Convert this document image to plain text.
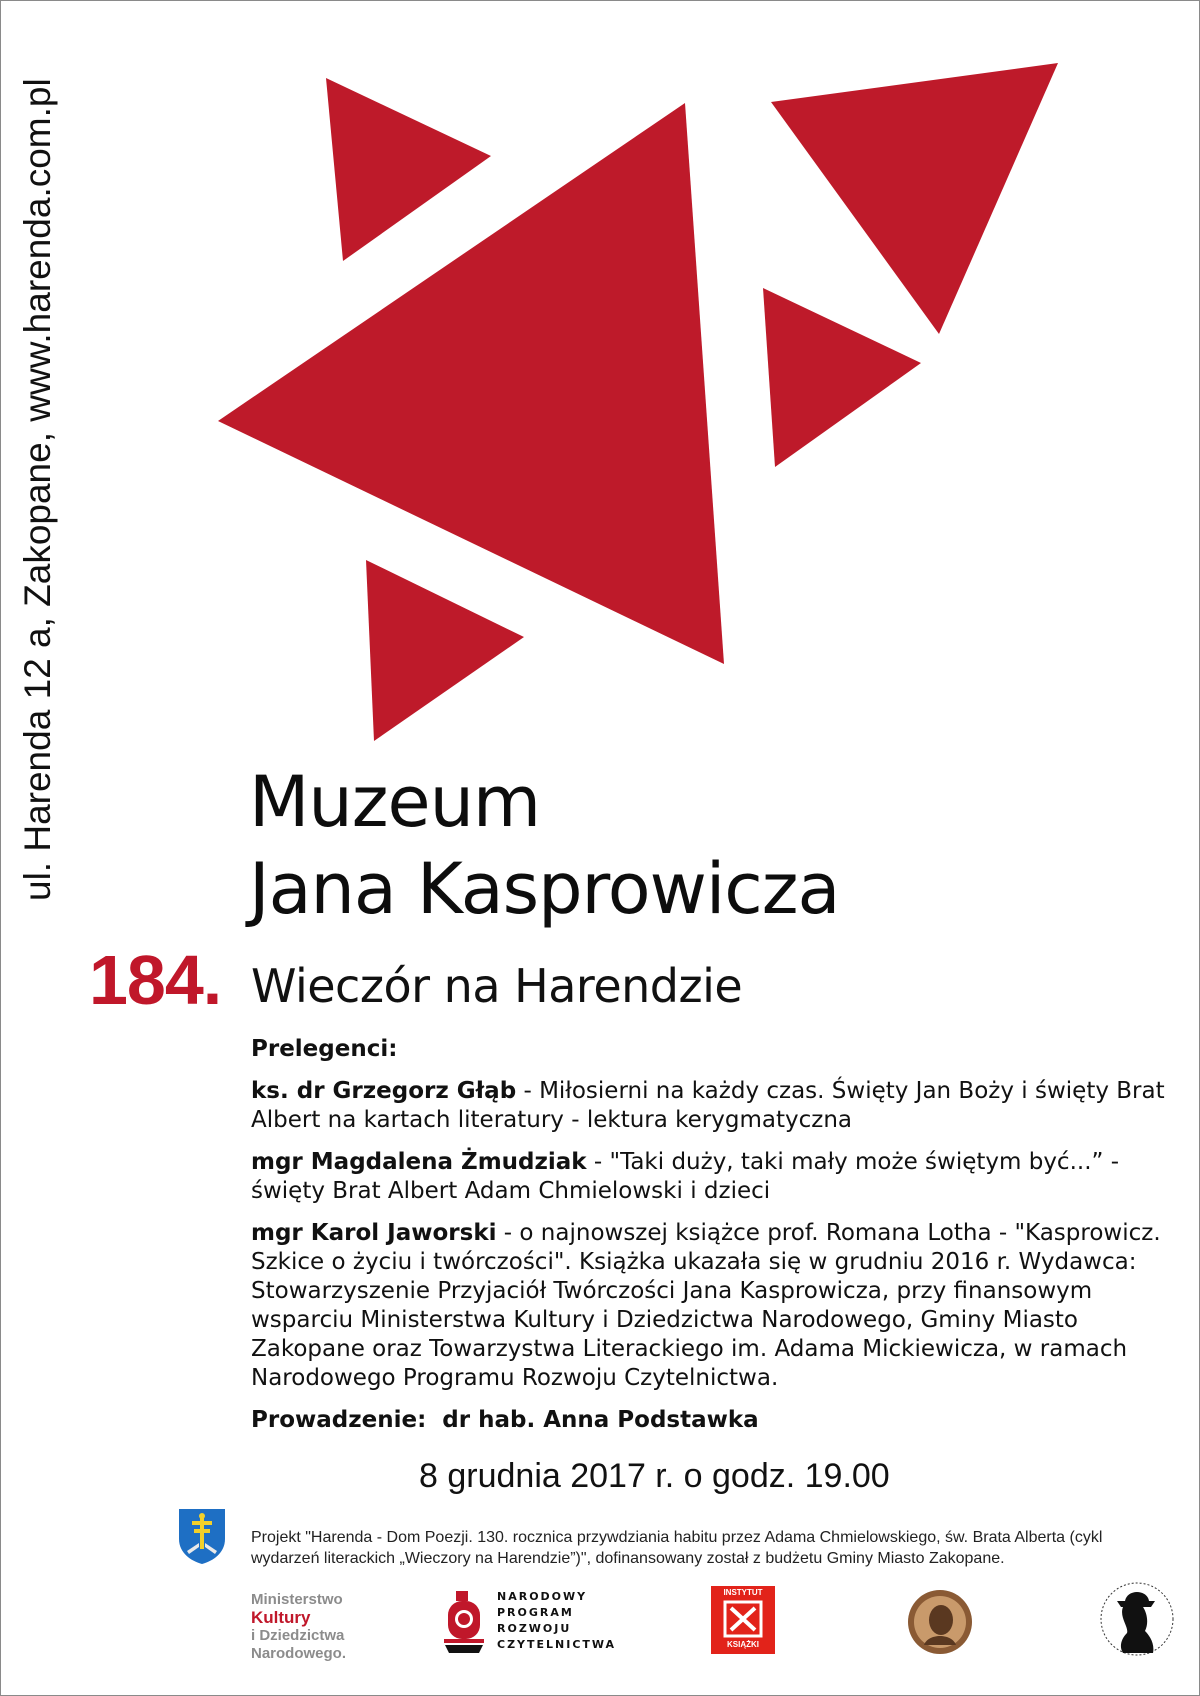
ul. Harenda 12 a, Zakopane, www.harenda.com.pl	Muzeum
Jana Kasprowicza
184. Wieczór na Harendzie

Prelegenci:

ks. dr Grzegorz Głąb - Miłosierni na każdy czas. Święty Jan Boży i święty Brat Albert na kartach literatury - lektura kerygmatyczna

mgr Magdalena Żmudziak - "Taki duży, taki mały może świętym być...” - święty Brat Albert Adam Chmielowski i dzieci

mgr Karol Jaworski - o najnowszej książce prof. Romana Lotha - "Kasprowicz. Szkice o życiu i twórczości". Książka ukazała się w grudniu 2016 r. Wydawca: Stowarzyszenie Przyjaciół Twórczości Jana Kasprowicza, przy finansowym wsparciu Ministerstwa Kultury i Dziedzictwa Narodowego, Gminy Miasto Zakopane oraz Towarzystwa Literackiego im. Adama Mickiewicza, w ramach Narodowego Programu Rozwoju Czytelnictwa.

Prowadzenie: dr hab. Anna Podstawka

8 grudnia 2017 r. o godz. 19.00
Projekt "Harenda - Dom Poezji. 130. rocznica przywdziania habitu przez Adama Chmielowskiego, św. Brata Alberta (cykl wydarzeń literackich „Wieczory na Harendzie”)", dofinansowany został z budżetu Gminy Miasto Zakopane.
Ministerstwo
Kultury
i Dziedzictwa
Narodowego.
NARODOWY
PROGRAM
ROZWOJU
CZYTELNICTWA
INSTYTUT
KSIĄŻKI
